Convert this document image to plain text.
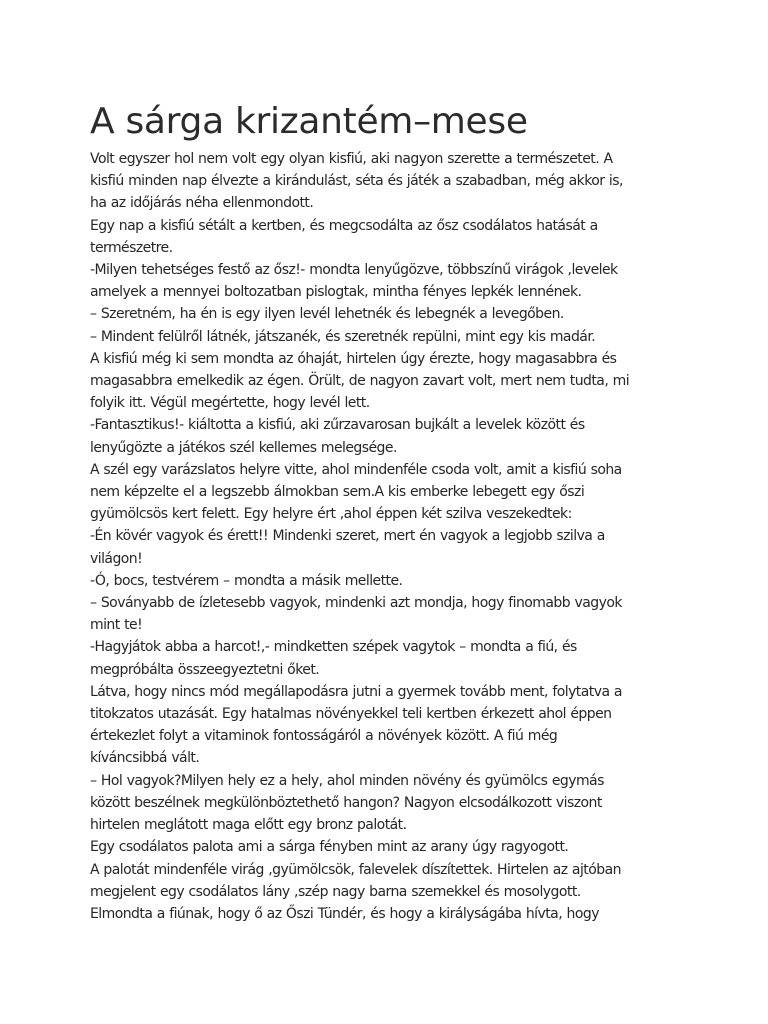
A sárga krizantém–mese
Volt egyszer hol nem volt egy olyan kisfiú, aki nagyon szerette a természetet. A
kisfiú minden nap élvezte a kirándulást, séta és játék a szabadban, még akkor is,
ha az időjárás néha ellenmondott.
Egy nap a kisfiú sétált a kertben, és megcsodálta az ősz csodálatos hatását a
természetre.
-Milyen tehetséges festő az ősz!- mondta lenyűgözve, többszínű virágok ,levelek
amelyek a mennyei boltozatban pislogtak, mintha fényes lepkék lennének.
– Szeretném, ha én is egy ilyen levél lehetnék és lebegnék a levegőben.
– Mindent felülről látnék, játszanék, és szeretnék repülni, mint egy kis madár.
A kisfiú még ki sem mondta az óhaját, hirtelen úgy érezte, hogy magasabbra és
magasabbra emelkedik az égen. Örült, de nagyon zavart volt, mert nem tudta, mi
folyik itt. Végül megértette, hogy levél lett.
-Fantasztikus!- kiáltotta a kisfiú, aki zűrzavarosan bujkált a levelek között és
lenyűgözte a játékos szél kellemes melegsége.
A szél egy varázslatos helyre vitte, ahol mindenféle csoda volt, amit a kisfiú soha
nem képzelte el a legszebb álmokban sem.A kis emberke lebegett egy őszi
gyümölcsös kert felett. Egy helyre ért ,ahol éppen két szilva veszekedtek:
-Én kövér vagyok és érett!! Mindenki szeret, mert én vagyok a legjobb szilva a
világon!
-Ó, bocs, testvérem – mondta a másik mellette.
– Soványabb de ízletesebb vagyok, mindenki azt mondja, hogy finomabb vagyok
mint te!
-Hagyjátok abba a harcot!,- mindketten szépek vagytok – mondta a fiú, és
megpróbálta összeegyeztetni őket.
Látva, hogy nincs mód megállapodásra jutni a gyermek tovább ment, folytatva a
titokzatos utazását. Egy hatalmas növényekkel teli kertben érkezett ahol éppen
értekezlet folyt a vitaminok fontosságáról a növények között. A fiú még
kíváncsibbá vált.
– Hol vagyok?Milyen hely ez a hely, ahol minden növény és gyümölcs egymás
között beszélnek megkülönböztethető hangon? Nagyon elcsodálkozott viszont
hirtelen meglátott maga előtt egy bronz palotát.
Egy csodálatos palota ami a sárga fényben mint az arany úgy ragyogott.
A palotát mindenféle virág ,gyümölcsök, falevelek díszítettek. Hirtelen az ajtóban
megjelent egy csodálatos lány ,szép nagy barna szemekkel és mosolygott.
Elmondta a fiúnak, hogy ő az Őszi Tündér, és hogy a királyságába hívta, hogy
